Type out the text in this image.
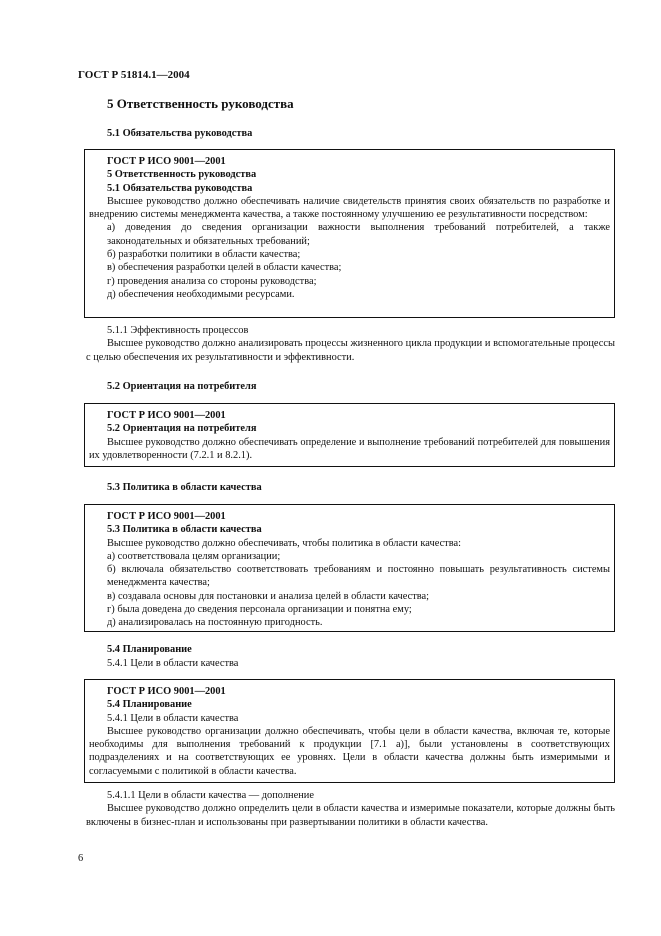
ГОСТ Р 51814.1—2004
5 Ответственность руководства
5.1 Обязательства руководства

ГОСТ Р ИСО 9001—2001

5 Ответственность руководства

5.1 Обязательства руководства

Высшее руководство должно обеспечивать наличие свидетельств принятия своих обязательств по разработке и внедрению системы менеджмента качества, а также постоянному улучшению ее результативности посредством:

а) доведения до сведения организации важности выполнения требований потребителей, а также законодательных и обязательных требований;

б) разработки политики в области качества;

в) обеспечения разработки целей в области качества;

г) проведения анализа со стороны руководства;

д) обеспечения необходимыми ресурсами.

5.1.1 Эффективность процессов

Высшее руководство должно анализировать процессы жизненного цикла продукции и вспомогательные процессы с целью обеспечения их результативности и эффективности.

5.2 Ориентация на потребителя

ГОСТ Р ИСО 9001—2001

5.2 Ориентация на потребителя

Высшее руководство должно обеспечивать определение и выполнение требований потребителей для повышения их удовлетворенности (7.2.1 и 8.2.1).

5.3 Политика в области качества

ГОСТ Р ИСО 9001—2001

5.3 Политика в области качества

Высшее руководство должно обеспечивать, чтобы политика в области качества:

а) соответствовала целям организации;

б) включала обязательство соответствовать требованиям и постоянно повышать результативность системы менеджмента качества;

в) создавала основы для постановки и анализа целей в области качества;

г) была доведена до сведения персонала организации и понятна ему;

д) анализировалась на постоянную пригодность.

5.4 Планирование

5.4.1 Цели в области качества

ГОСТ Р ИСО 9001—2001

5.4 Планирование

5.4.1 Цели в области качества

Высшее руководство организации должно обеспечивать, чтобы цели в области качества, включая те, которые необходимы для выполнения требований к продукции [7.1 а)], были установлены в соответствующих подразделениях и на соответствующих ее уровнях. Цели в области качества должны быть измеримыми и согласуемыми с политикой в области качества.

5.4.1.1 Цели в области качества — дополнение

Высшее руководство должно определить цели в области качества и измеримые показатели, которые должны быть включены в бизнес-план и использованы при развертывании политики в области качества.

6
